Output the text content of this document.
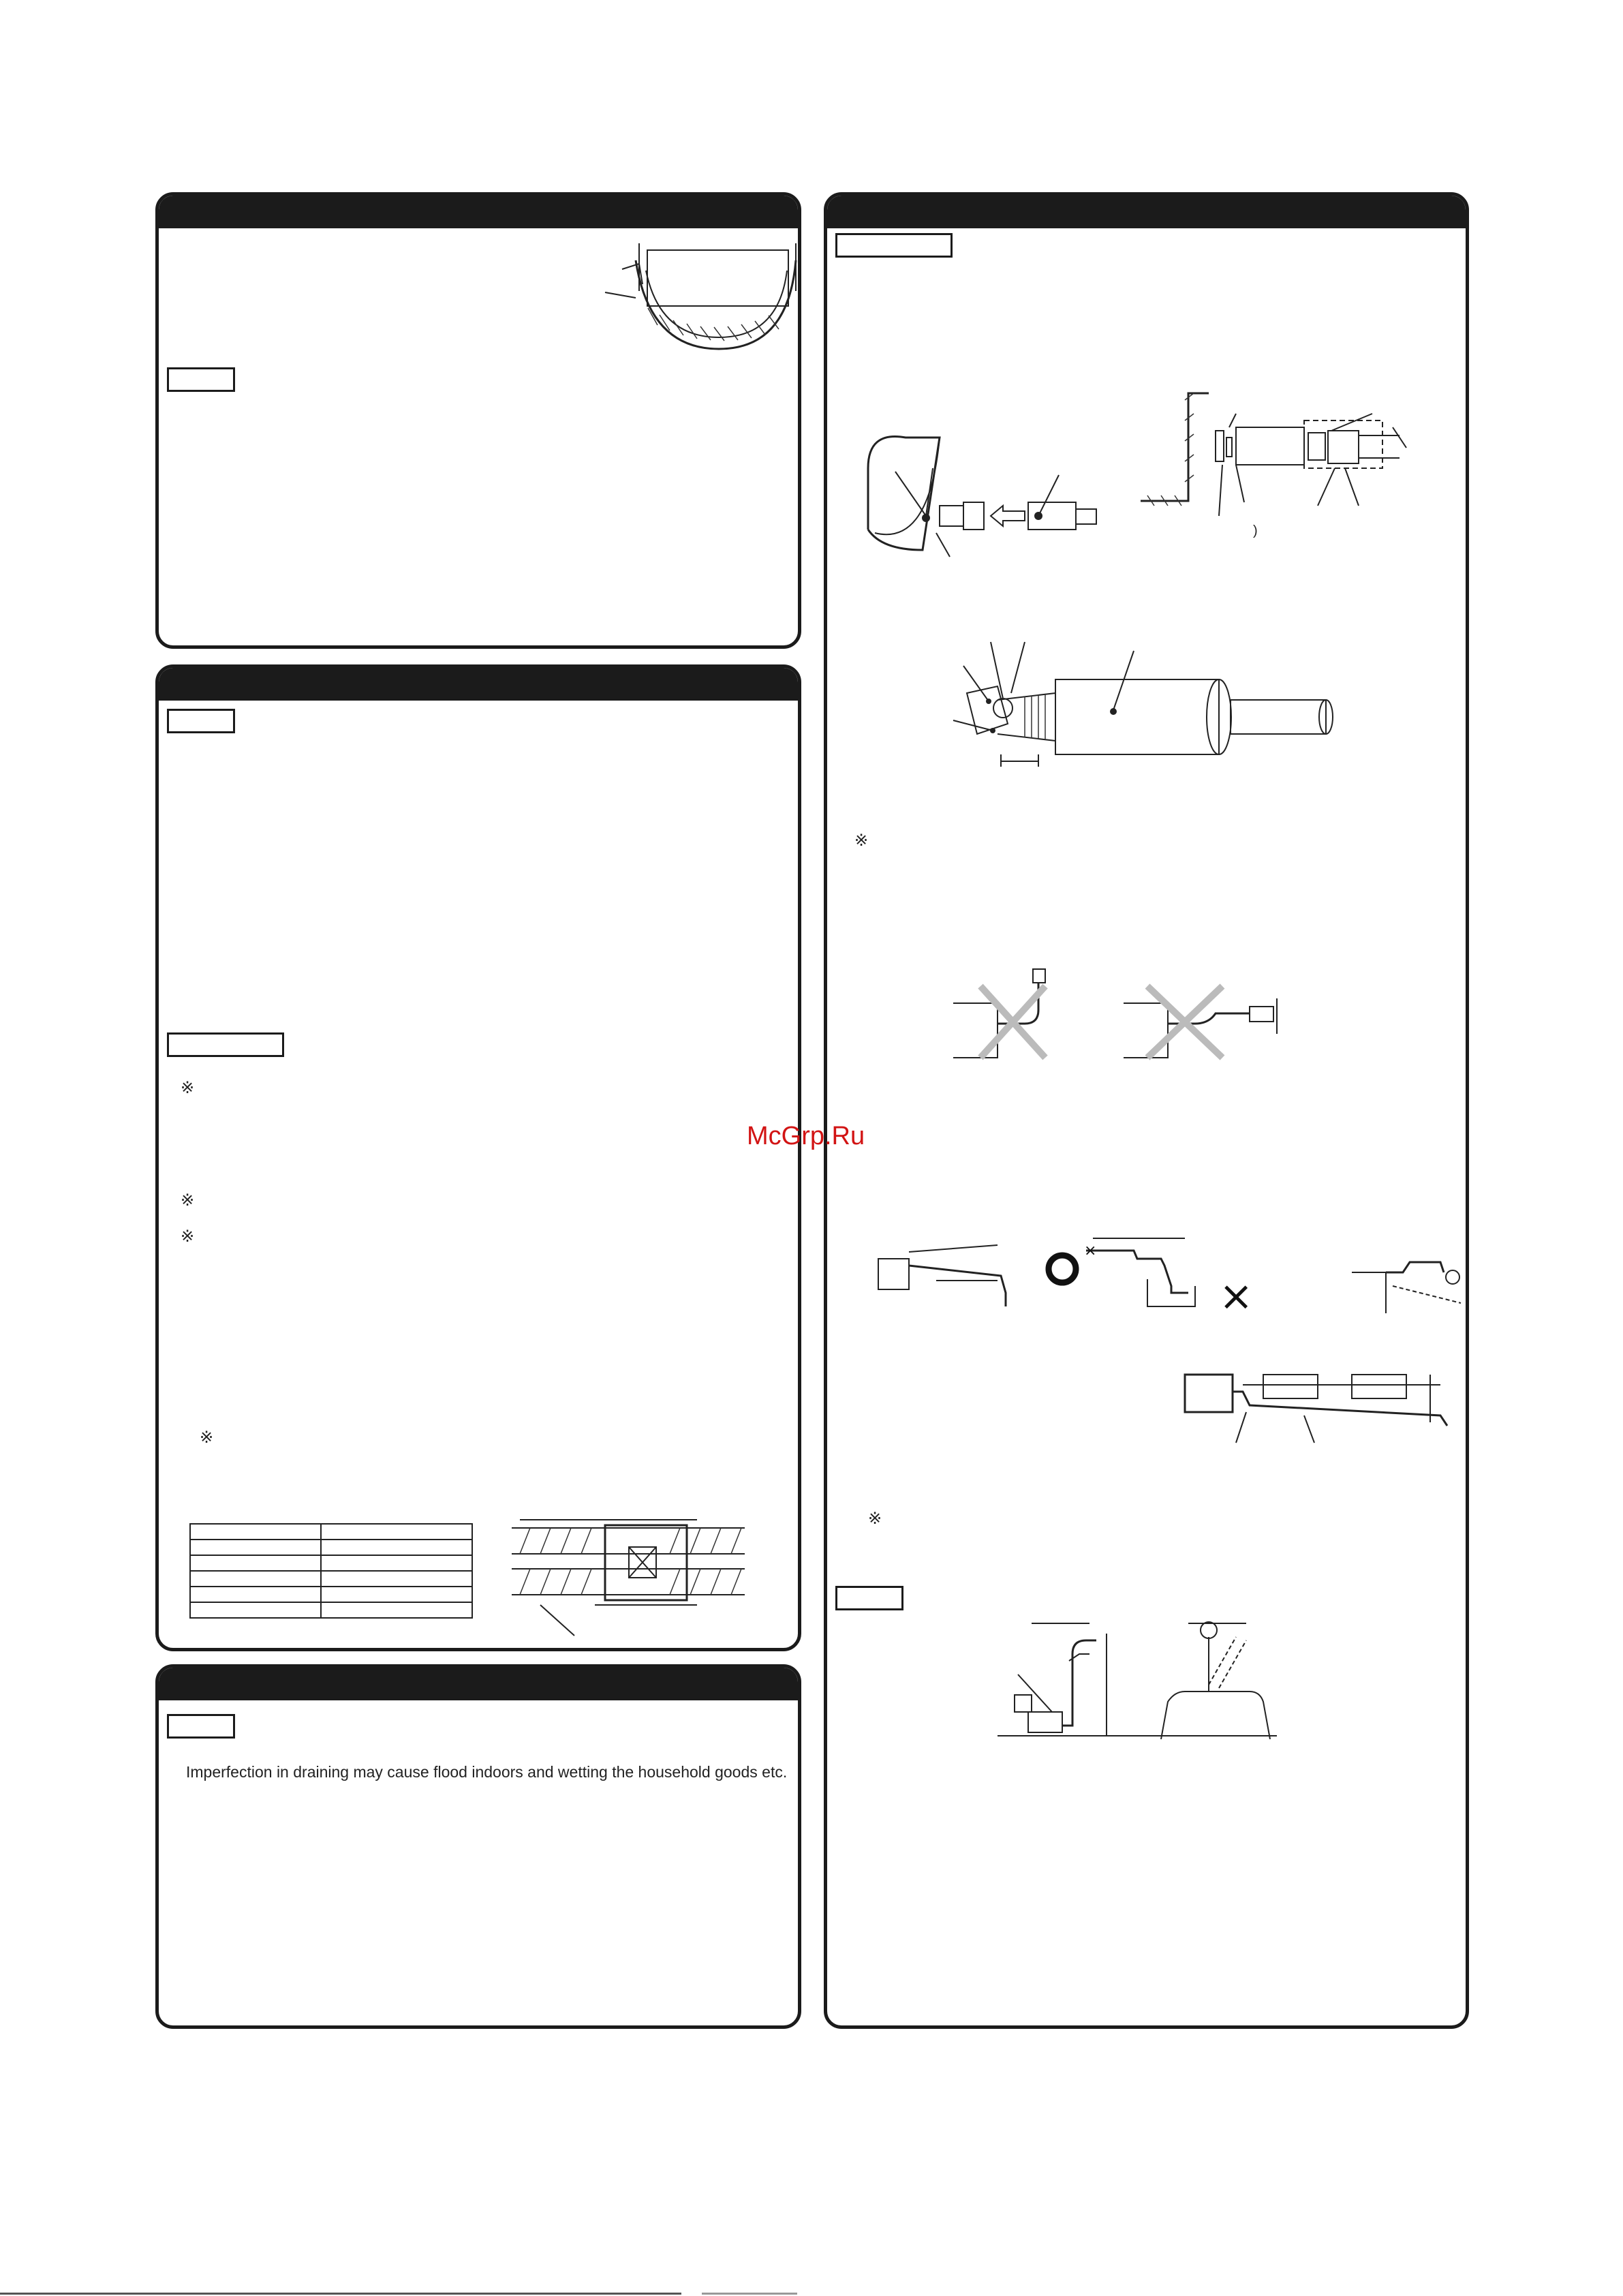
※
※
※
※

Imperfection in draining may cause flood indoors and wetting the household goods etc.
※
※
)
×
×
McGrp.Ru
